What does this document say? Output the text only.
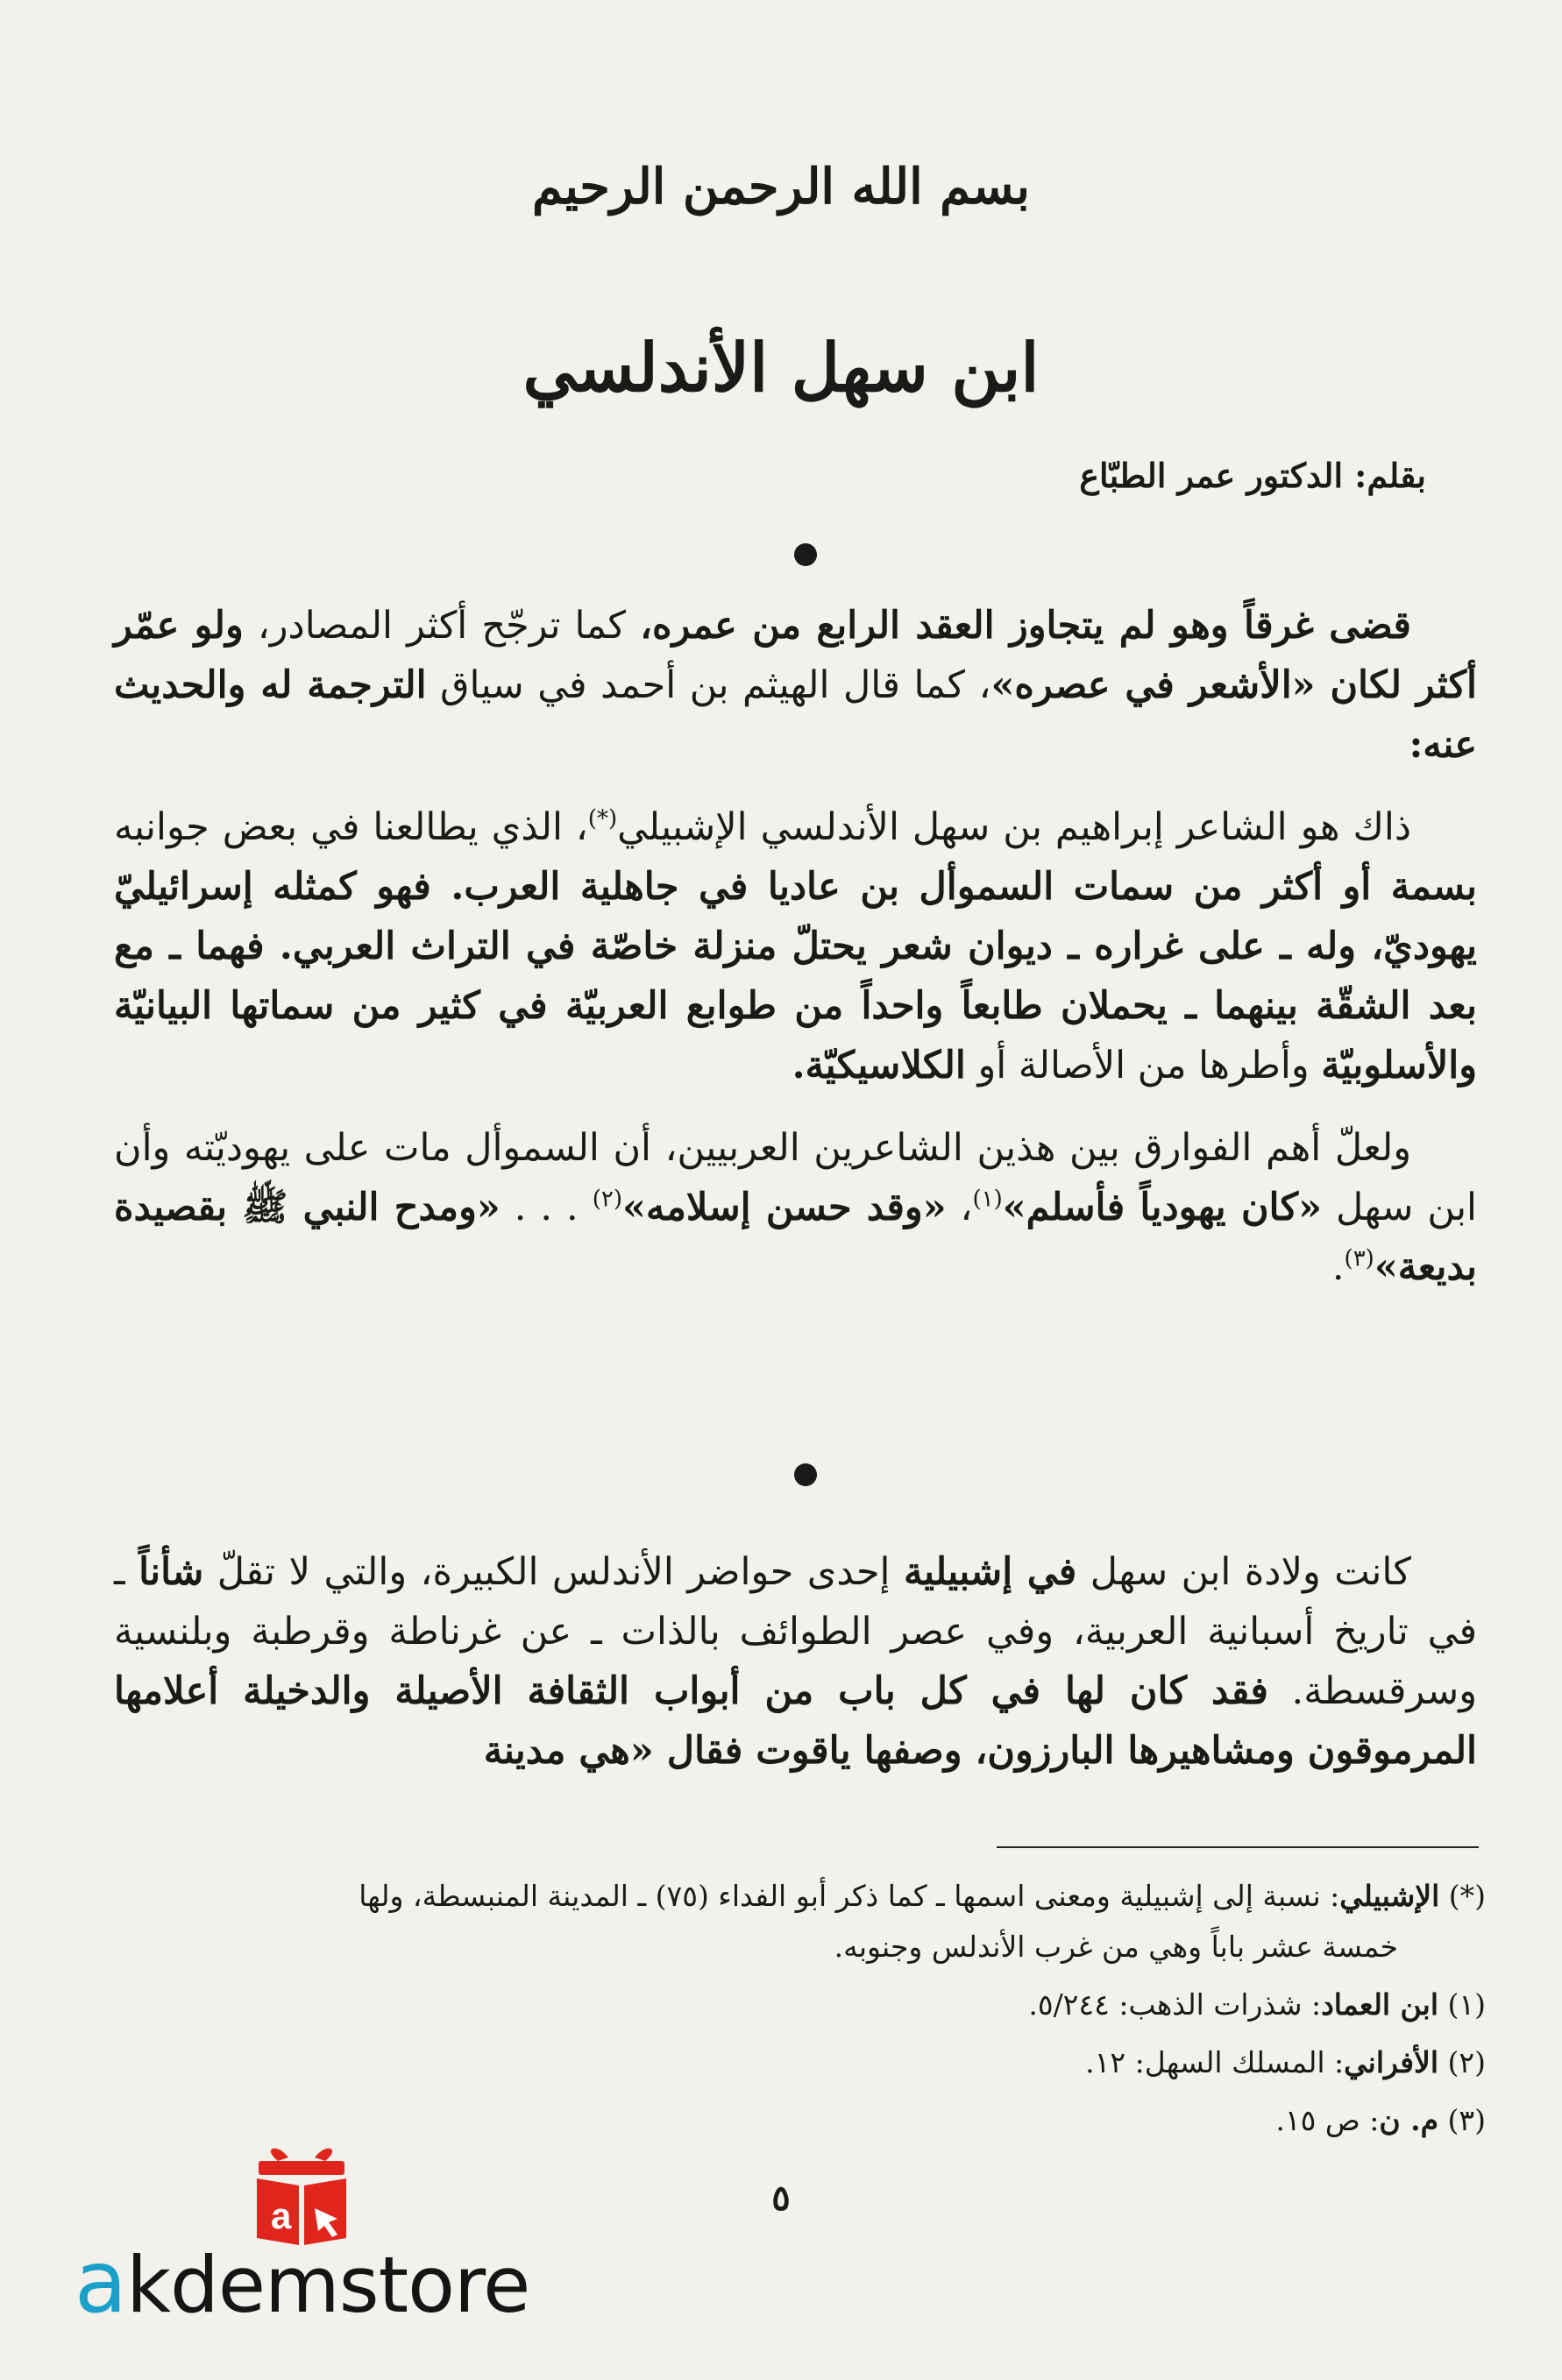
بسم الله الرحمن الرحيم
ابن سهل الأندلسي

بقلم: الدكتور عمر الطبّاع

قضى غرقاً وهو لم يتجاوز العقد الرابع من عمره، كما ترجّح أكثر المصادر، ولو عمّر أكثر لكان «الأشعر في عصره»، كما قال الهيثم بن أحمد في سياق الترجمة له والحديث عنه:

ذاك هو الشاعر إبراهيم بن سهل الأندلسي الإشبيلي(*)، الذي يطالعنا في بعض جوانبه بسمة أو أكثر من سمات السموأل بن عاديا في جاهلية العرب. فهو كمثله إسرائيليّ يهوديّ، وله ـ على غراره ـ ديوان شعر يحتلّ منزلة خاصّة في التراث العربي. فهما ـ مع بعد الشقّة بينهما ـ يحملان طابعاً واحداً من طوابع العربيّة في كثير من سماتها البيانيّة والأسلوبيّة وأطرها من الأصالة أو الكلاسيكيّة.

ولعلّ أهم الفوارق بين هذين الشاعرين العربيين، أن السموأل مات على يهوديّته وأن ابن سهل «كان يهودياً فأسلم»$^{(١)}$، «وقد حسن إسلامه»$^{(٢)}$ . . . «ومدح النبي ﷺ بقصيدة بديعة»$^{(٣)}$.

كانت ولادة ابن سهل في إشبيلية إحدى حواضر الأندلس الكبيرة، والتي لا تقلّ شأناً ـ في تاريخ أسبانية العربية، وفي عصر الطوائف بالذات ـ عن غرناطة وقرطبة وبلنسية وسرقسطة. فقد كان لها في كل باب من أبواب الثقافة الأصيلة والدخيلة أعلامها المرموقون ومشاهيرها البارزون، وصفها ياقوت فقال «هي مدينة

(*) الإشبيلي: نسبة إلى إشبيلية ومعنى اسمها ـ كما ذكر أبو الفداء (٧٥) ـ المدينة المنبسطة، ولها
خمسة عشر باباً وهي من غرب الأندلس وجنوبه.
(١) ابن العماد: شذرات الذهب: ٥/٢٤٤.
(٢) الأفراني: المسلك السهل: ١٢.
(٣) م. ن: ص ١٥.

٥

a
akdemstore
